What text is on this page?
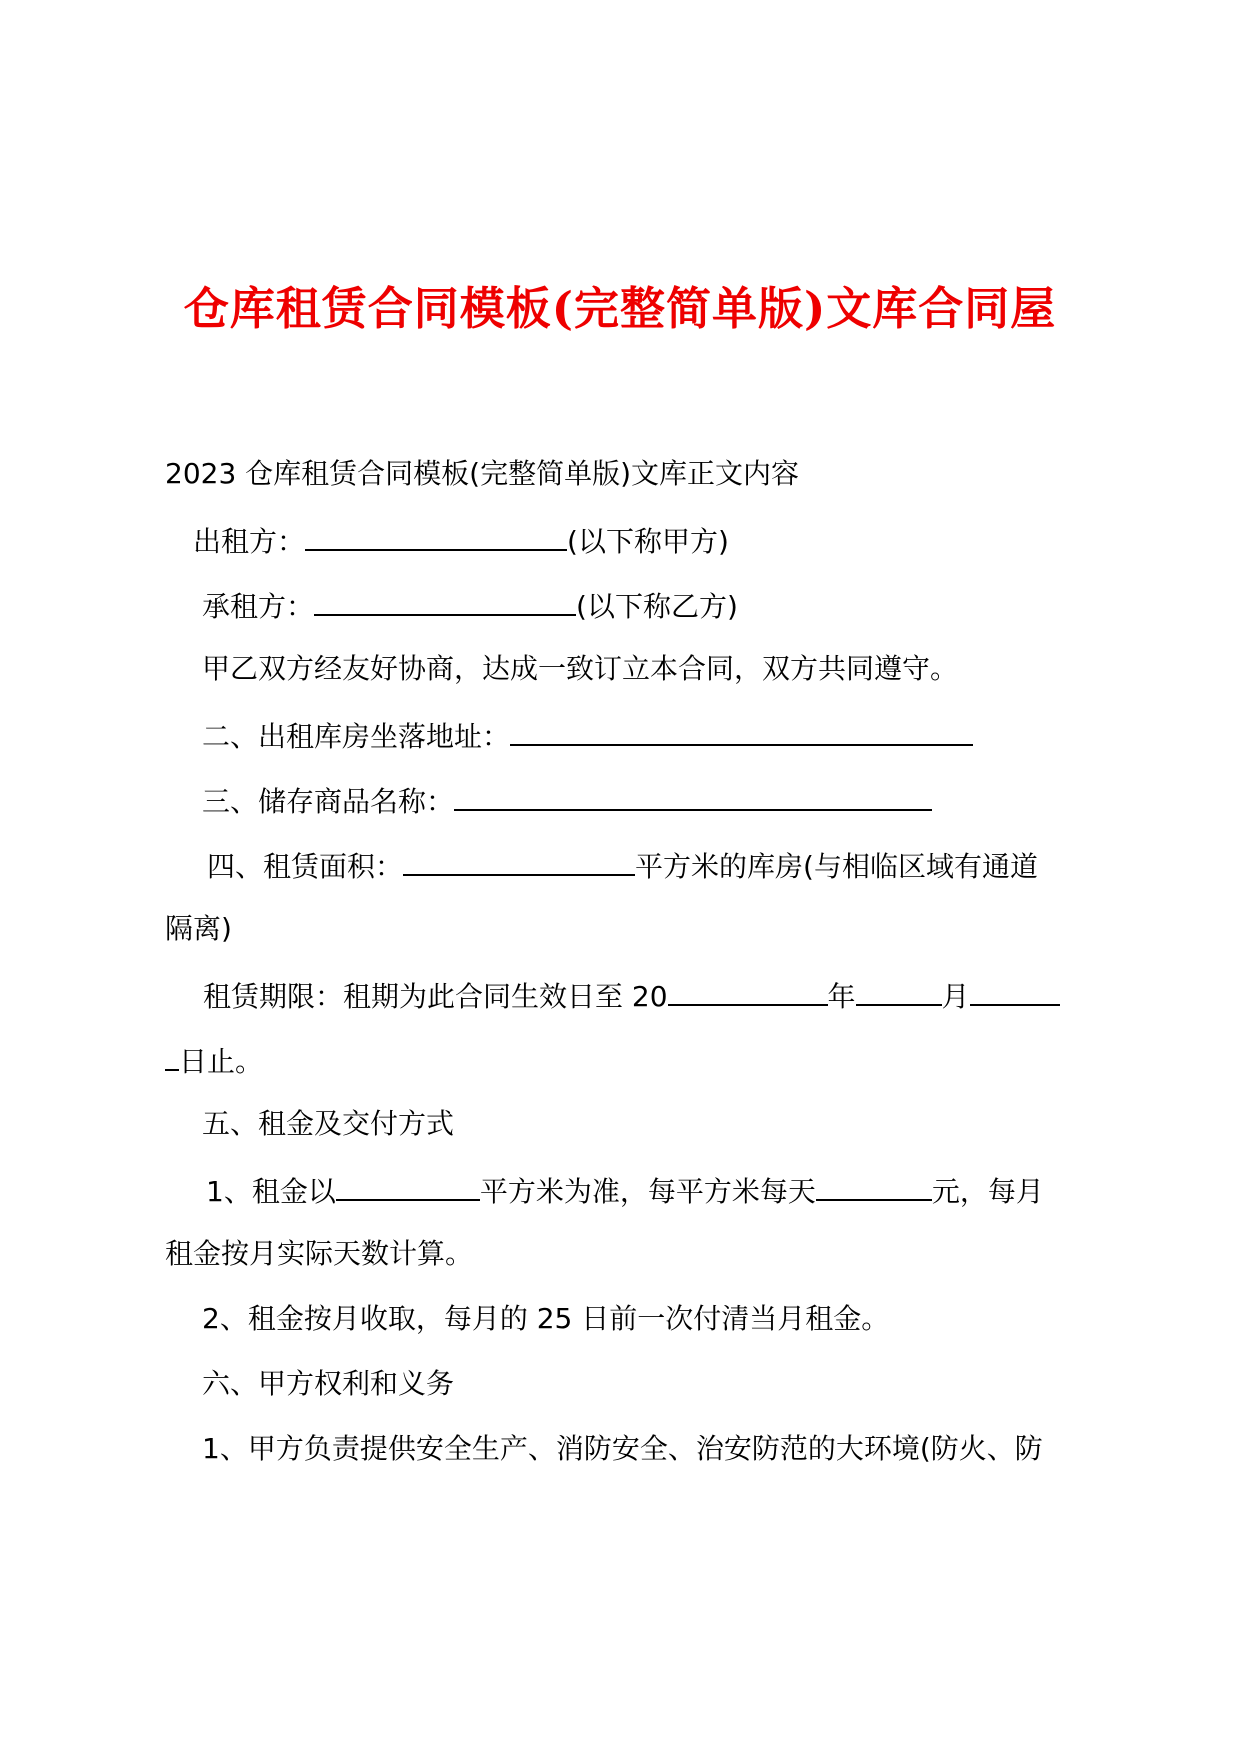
仓库租赁合同模板(完整简单版)文库合同屋
2023 仓库租赁合同模板(完整简单版)文库正文内容
出租方：	(以下称甲方)
承租方：	(以下称乙方)
甲乙双方经友好协商，达成一致订立本合同，双方共同遵守。
二、出租库房坐落地址：
三、储存商品名称：
四、租赁面积：	平方米的库房(与相临区域有通道
隔离)
租赁期限：租期为此合同生效日至 20	年	月
日止。
五、租金及交付方式
1、租金以	平方米为准，每平方米每天	元，每月
租金按月实际天数计算。
2、租金按月收取，每月的 25 日前一次付清当月租金。
六、甲方权利和义务
1、甲方负责提供安全生产、消防安全、治安防范的大环境(防火、防
